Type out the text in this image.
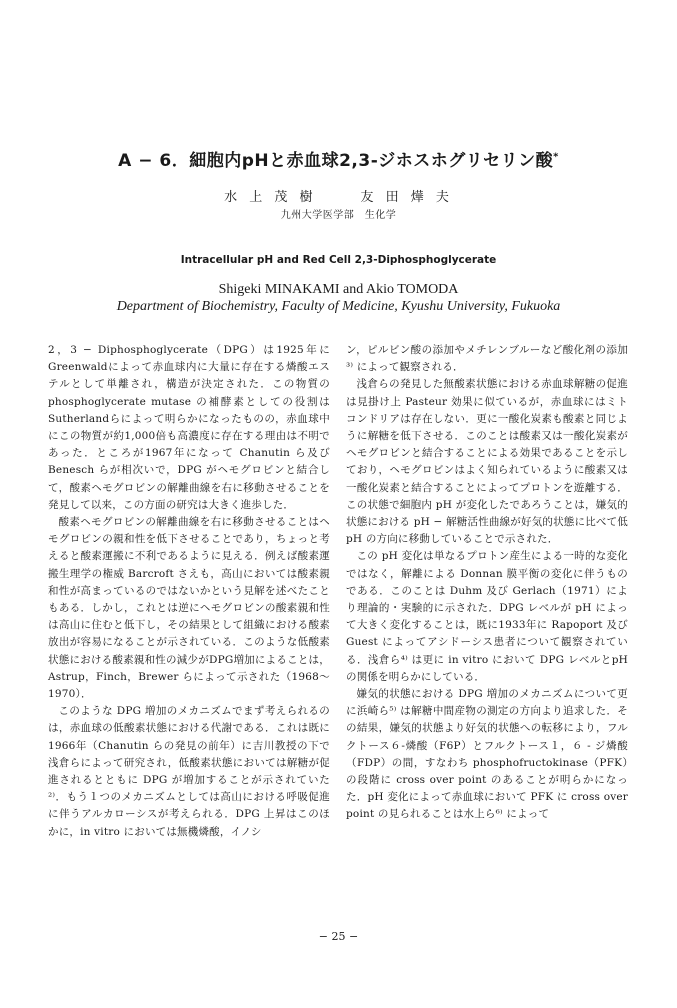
A − 6．細胞内pHと赤血球2,3-ジホスホグリセリン酸*

水 上 茂 樹	友 田 燁 夫

九州大学医学部　生化学

Intracellular pH and Red Cell 2,3-Diphosphoglycerate

Shigeki MINAKAMI and Akio TOMODA

Department of Biochemistry, Faculty of Medicine, Kyushu University, Fukuoka

2，3 − Diphosphoglycerate（DPG）は1925年にGreenwaldによって赤血球内に大量に存在する燐酸エステルとして単離され，構造が決定された．この物質の phosphoglycerate mutase の補酵素としての役割はSutherlandらによって明らかになったものの，赤血球中にこの物質が約1,000倍も高濃度に存在する理由は不明であった．ところが1967年になって Chanutin ら及び Benesch らが相次いで，DPG がヘモグロビンと結合して，酸素ヘモグロビンの解離曲線を右に移動させることを発見して以来，この方面の研究は大きく進歩した．

酸素ヘモグロビンの解離曲線を右に移動させることはヘモグロビンの親和性を低下させることであり，ちょっと考えると酸素運搬に不利であるように見える．例えば酸素運搬生理学の権威 Barcroft さえも，高山においては酸素親和性が高まっているのではないかという見解を述べたこともある．しかし，これとは逆にヘモグロビンの酸素親和性は高山に住むと低下し，その結果として組織における酸素放出が容易になることが示されている．このような低酸素状態における酸素親和性の減少がDPG増加によることは，Astrup，Finch，Brewer らによって示された（1968〜1970）．

このような DPG 増加のメカニズムでまず考えられるのは，赤血球の低酸素状態における代謝である．これは既に1966年（Chanutin らの発見の前年）に吉川教授の下で浅倉らによって研究され，低酸素状態においては解糖が促進されるとともに DPG が増加することが示されていた²⁾．もう１つのメカニズムとしては高山における呼吸促進に伴うアルカローシスが考えられる．DPG 上昇はこのほかに，in vitro においては無機燐酸，イノシ

ン，ピルビン酸の添加やメチレンブルーなど酸化剤の添加³⁾ によって観察される．

浅倉らの発見した無酸素状態における赤血球解糖の促進は見掛け上 Pasteur 効果に似ているが，赤血球にはミトコンドリアは存在しない．更に一酸化炭素も酸素と同じように解糖を低下させる．このことは酸素又は一酸化炭素がヘモグロビンと結合することによる効果であることを示しており，ヘモグロビンはよく知られているように酸素又は一酸化炭素と結合することによってプロトンを遊離する．この状態で細胞内 pH が変化したであろうことは，嫌気的状態における pH − 解糖活性曲線が好気的状態に比べて低 pH の方向に移動していることで示された．

この pH 変化は単なるプロトン産生による一時的な変化ではなく，解離による Donnan 膜平衡の変化に伴うものである．このことは Duhm 及び Gerlach（1971）により理論的・実験的に示された．DPG レベルが pH によって大きく変化することは，既に1933年に Rapoport 及び Guest によってアシドーシス患者について観察されている．浅倉ら⁴⁾ は更に in vitro において DPG レベルとpH の関係を明らかにしている．

嫌気的状態における DPG 増加のメカニズムについて更に浜崎ら⁵⁾ は解糖中間産物の測定の方向より追求した．その結果，嫌気的状態より好気的状態への転移により，フルクトース６-燐酸（F6P）とフルクトース１，６ - ジ燐酸（FDP）の間，すなわち phosphofructokinase（PFK）の段階に cross over point のあることが明らかになった．pH 変化によって赤血球において PFK に cross over point の見られることは水上ら⁶⁾ によって

− 25 −
